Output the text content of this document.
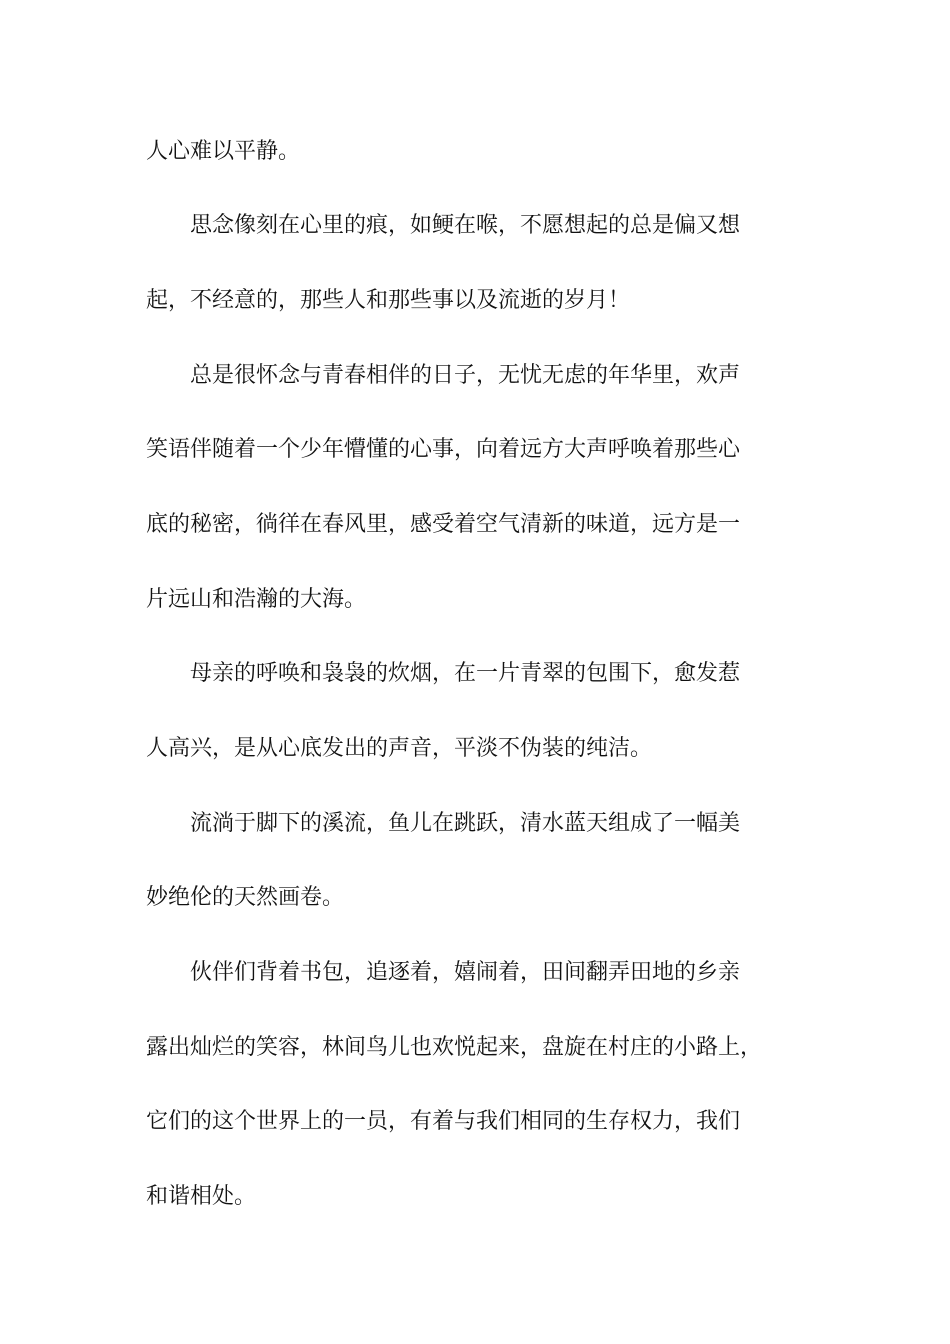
人心难以平静。

　　思念像刻在心里的痕，如鲠在喉，不愿想起的总是偏又想

起，不经意的，那些人和那些事以及流逝的岁月！

　　总是很怀念与青春相伴的日子，无忧无虑的年华里，欢声

笑语伴随着一个少年懵懂的心事，向着远方大声呼唤着那些心

底的秘密，徜徉在春风里，感受着空气清新的味道，远方是一

片远山和浩瀚的大海。

　　母亲的呼唤和袅袅的炊烟，在一片青翠的包围下，愈发惹

人高兴，是从心底发出的声音，平淡不伪装的纯洁。

　　流淌于脚下的溪流，鱼儿在跳跃，清水蓝天组成了一幅美

妙绝伦的天然画卷。

　　伙伴们背着书包，追逐着，嬉闹着，田间翻弄田地的乡亲

露出灿烂的笑容，林间鸟儿也欢悦起来，盘旋在村庄的小路上，

它们的这个世界上的一员，有着与我们相同的生存权力，我们

和谐相处。
